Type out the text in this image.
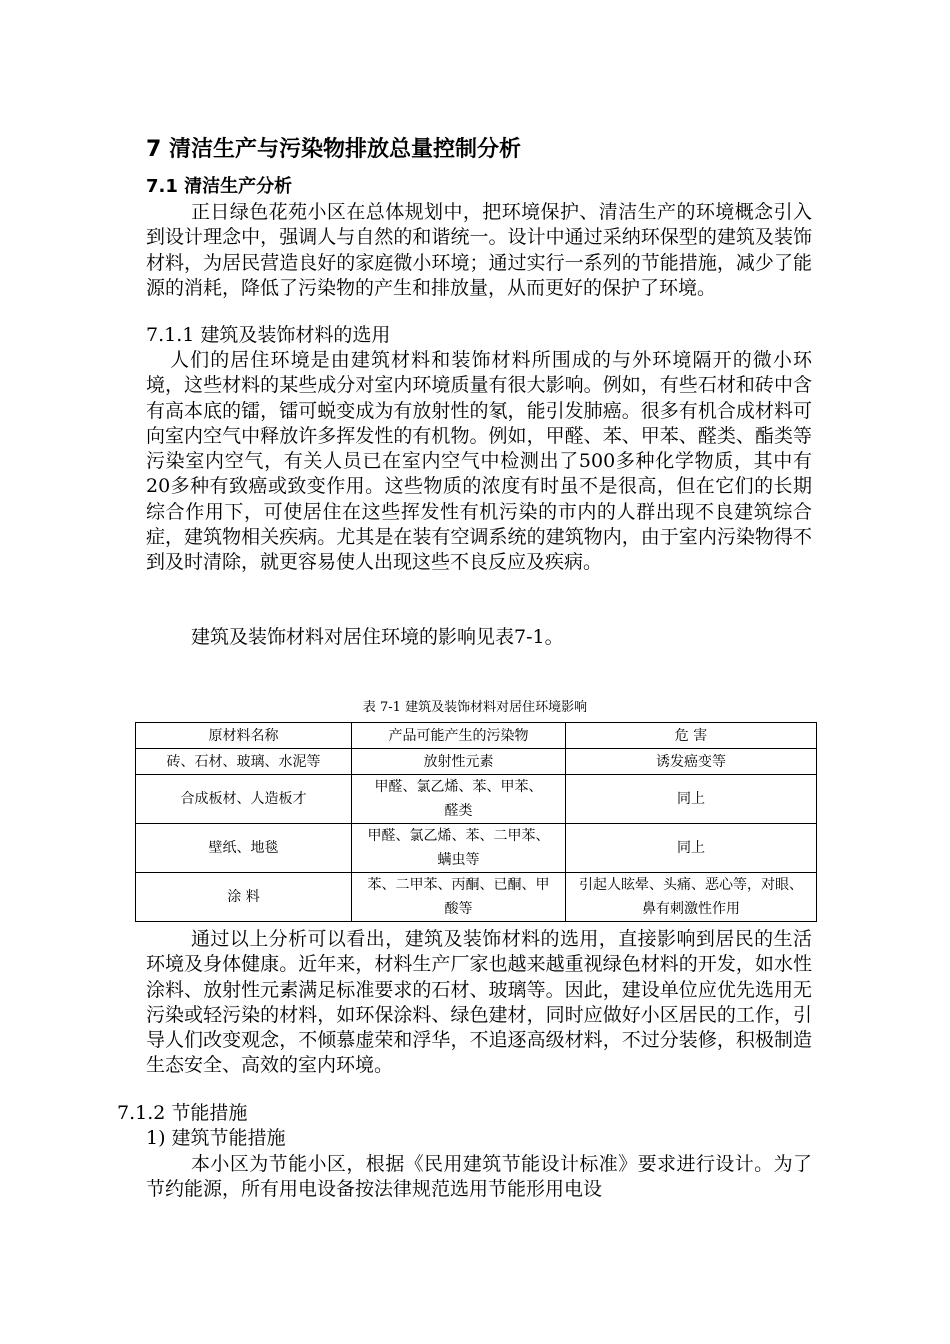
7 清洁生产与污染物排放总量控制分析
7.1 清洁生产分析

正日绿色花苑小区在总体规划中，把环境保护、清洁生产的环境概念引入到设计理念中，强调人与自然的和谐统一。设计中通过采纳环保型的建筑及装饰材料，为居民营造良好的家庭微小环境；通过实行一系列的节能措施，减少了能源的消耗，降低了污染物的产生和排放量，从而更好的保护了环境。

7.1.1 建筑及装饰材料的选用

人们的居住环境是由建筑材料和装饰材料所围成的与外环境隔开的微小环境，这些材料的某些成分对室内环境质量有很大影响。例如，有些石材和砖中含有高本底的镭，镭可蜕变成为有放射性的氡，能引发肺癌。很多有机合成材料可向室内空气中释放许多挥发性的有机物。例如，甲醛、苯、甲苯、醛类、酯类等污染室内空气，有关人员已在室内空气中检测出了500多种化学物质，其中有20多种有致癌或致变作用。这些物质的浓度有时虽不是很高，但在它们的长期综合作用下，可使居住在这些挥发性有机污染的市内的人群出现不良建筑综合症，建筑物相关疾病。尤其是在装有空调系统的建筑物内，由于室内污染物得不到及时清除，就更容易使人出现这些不良反应及疾病。

建筑及装饰材料对居住环境的影响见表7-1。

表 7-1 建筑及装饰材料对居住环境影响
原材料名称	产品可能产生的污染物	危 害
砖、石材、玻璃、水泥等	放射性元素	诱发癌变等
合成板材、人造板才	甲醛、氯乙烯、苯、甲苯、醛类	同上
壁纸、地毯	甲醛、氯乙烯、苯、二甲苯、螨虫等	同上
涂 料	苯、二甲苯、丙酮、已酮、甲酸等	引起人眩晕、头痛、恶心等，对眼、鼻有刺激性作用

通过以上分析可以看出，建筑及装饰材料的选用，直接影响到居民的生活环境及身体健康。近年来，材料生产厂家也越来越重视绿色材料的开发，如水性涂料、放射性元素满足标准要求的石材、玻璃等。因此，建设单位应优先选用无污染或轻污染的材料，如环保涂料、绿色建材，同时应做好小区居民的工作，引导人们改变观念，不倾慕虚荣和浮华，不追逐高级材料，不过分装修，积极制造生态安全、高效的室内环境。

7.1.2 节能措施
1) 建筑节能措施

本小区为节能小区，根据《民用建筑节能设计标准》要求进行设计。为了节约能源，所有用电设备按法律规范选用节能形用电设
